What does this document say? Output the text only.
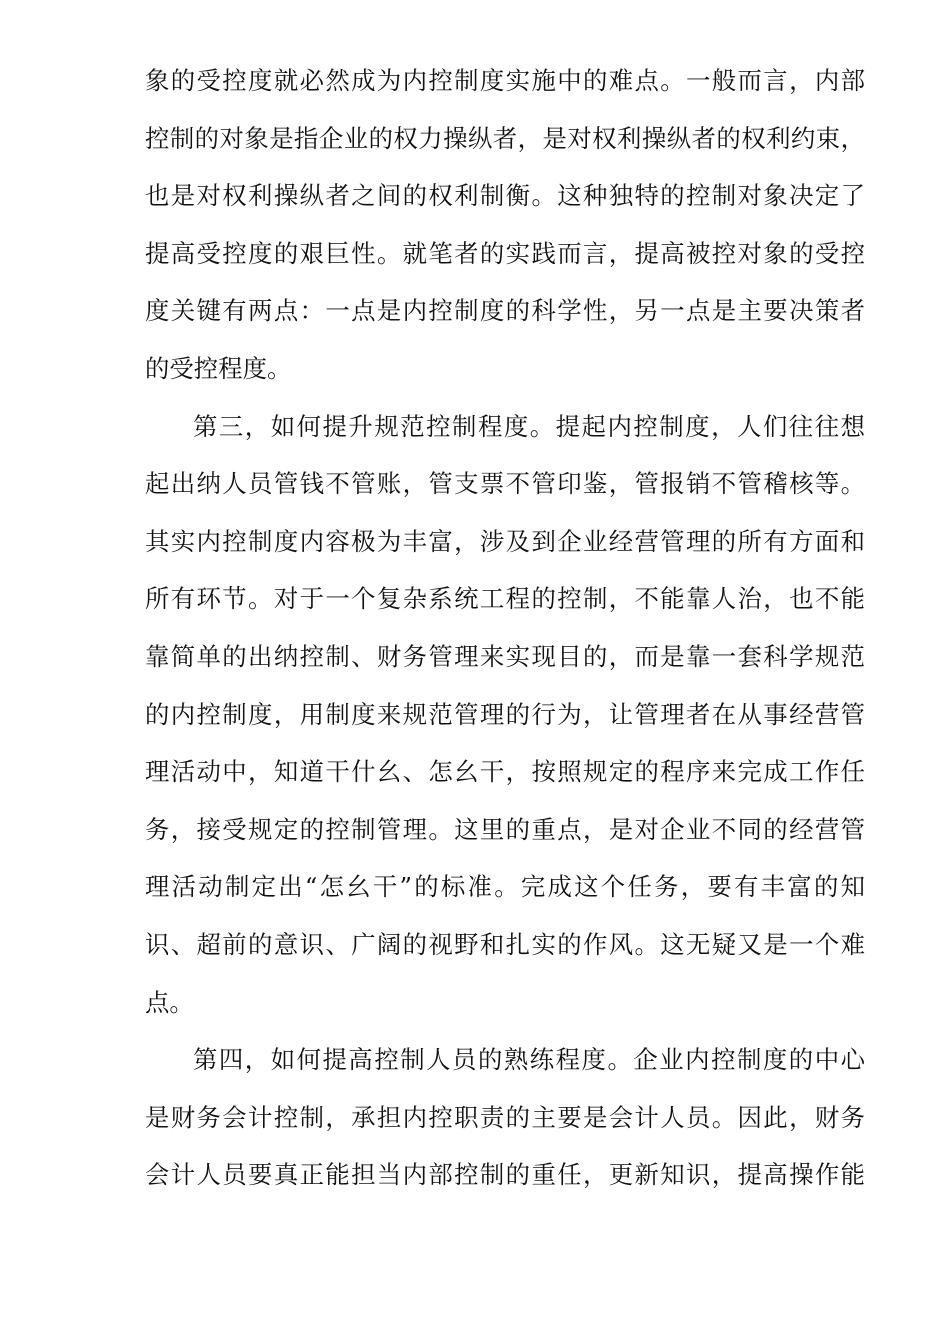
象的受控度就必然成为内控制度实施中的难点。一般而言，内部
控制的对象是指企业的权力操纵者，是对权利操纵者的权利约束，
也是对权利操纵者之间的权利制衡。这种独特的控制对象决定了
提高受控度的艰巨性。就笔者的实践而言，提高被控对象的受控
度关键有两点：一点是内控制度的科学性，另一点是主要决策者
的受控程度。
第三，如何提升规范控制程度。提起内控制度，人们往往想
起出纳人员管钱不管账，管支票不管印鉴，管报销不管稽核等。
其实内控制度内容极为丰富，涉及到企业经营管理的所有方面和
所有环节。对于一个复杂系统工程的控制，不能靠人治，也不能
靠简单的出纳控制、财务管理来实现目的，而是靠一套科学规范
的内控制度，用制度来规范管理的行为，让管理者在从事经营管
理活动中，知道干什幺、怎幺干，按照规定的程序来完成工作任
务，接受规定的控制管理。这里的重点，是对企业不同的经营管
理活动制定出“怎幺干”的标准。完成这个任务，要有丰富的知
识、超前的意识、广阔的视野和扎实的作风。这无疑又是一个难
点。
第四，如何提高控制人员的熟练程度。企业内控制度的中心
是财务会计控制，承担内控职责的主要是会计人员。因此，财务
会计人员要真正能担当内部控制的重任，更新知识，提高操作能
